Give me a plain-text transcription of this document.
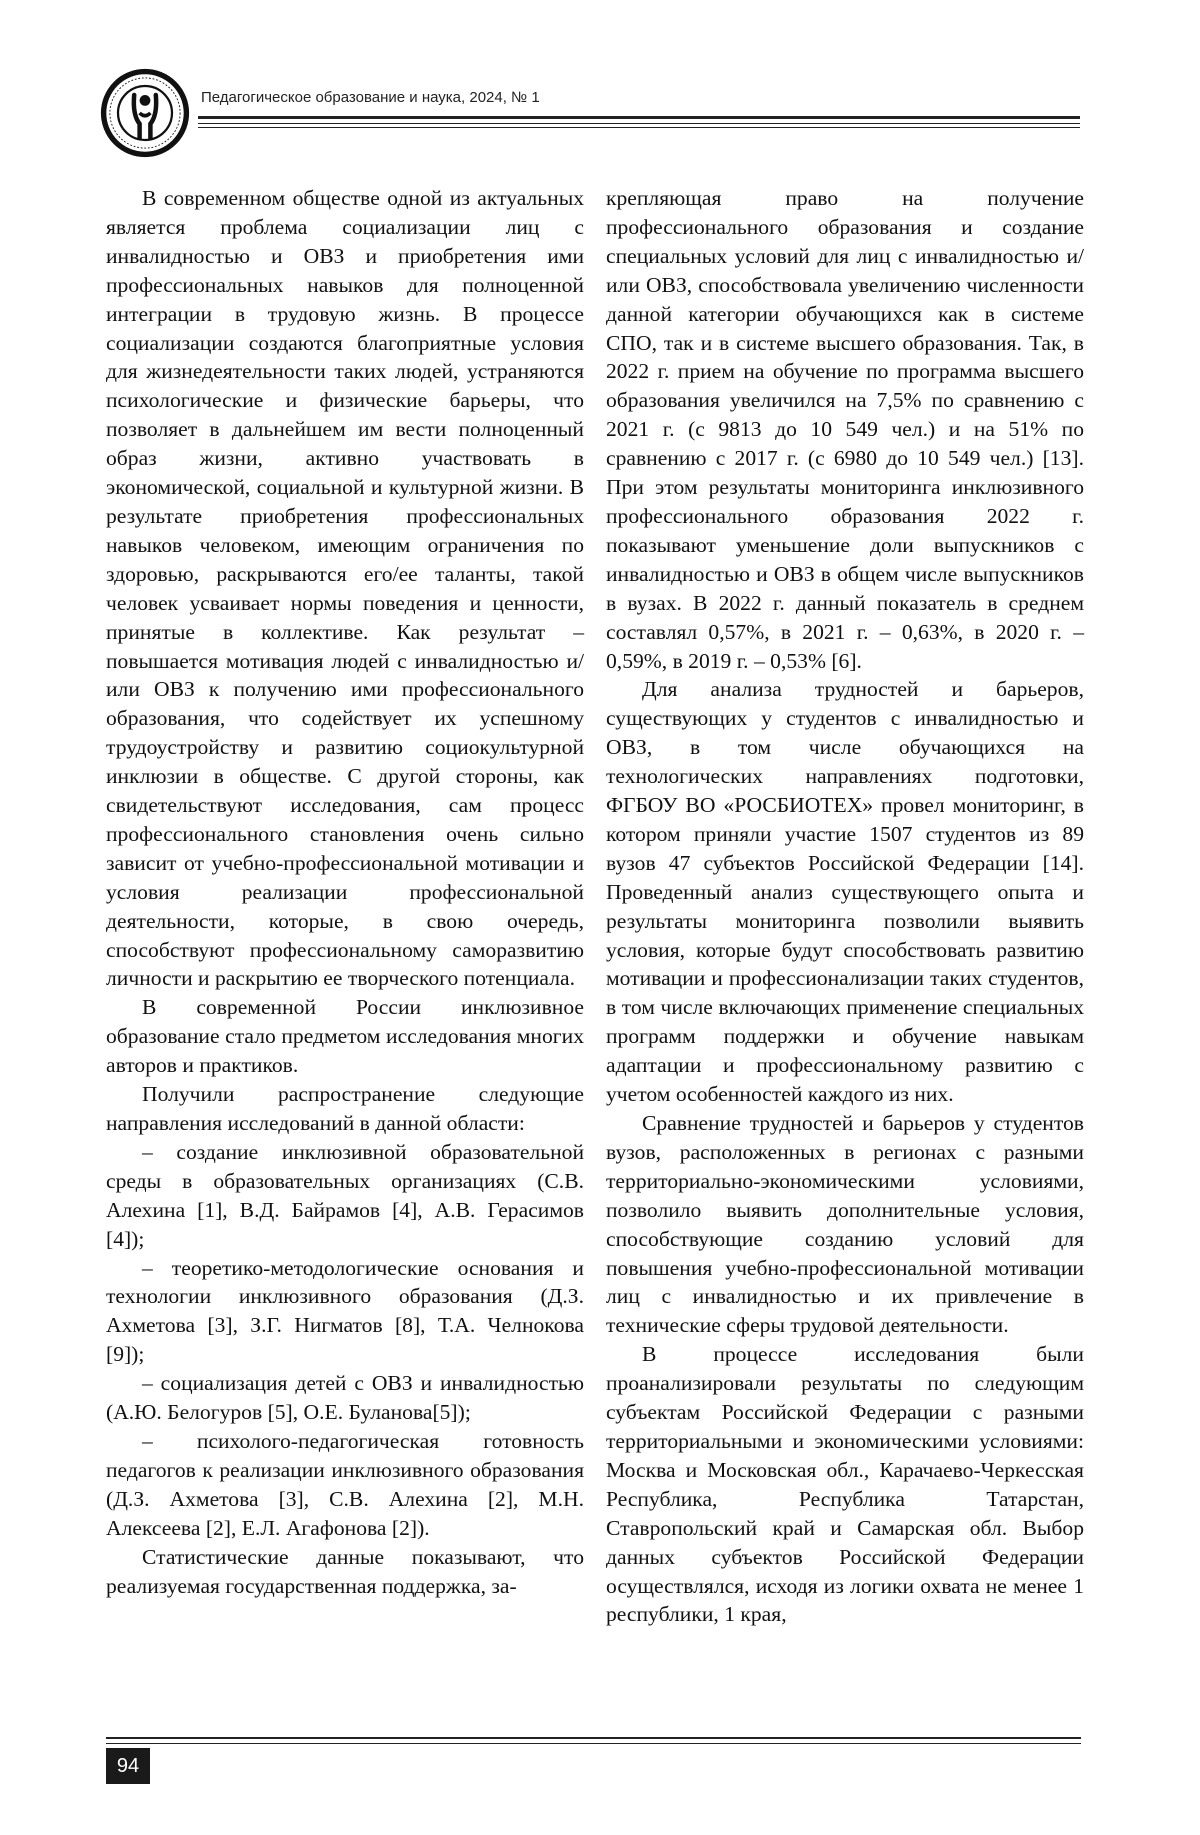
Педагогическое образование и наука, 2024, № 1

В современном обществе одной из актуальных является проблема социализации лиц с инвалидностью и ОВЗ и приобретения ими профессиональных навыков для полноценной интеграции в трудовую жизнь. В процессе социализации создаются благоприятные условия для жизнедеятельности таких людей, устраняются психологические и физические барьеры, что позволяет в дальнейшем им вести полноценный образ жизни, активно участвовать в экономической, социальной и культурной жизни. В результате приобретения профессиональных навыков человеком, имеющим ограничения по здоровью, раскрываются его/ее таланты, такой человек усваивает нормы поведения и ценности, принятые в коллективе. Как результат – повышается мотивация людей с инвалидностью и/или ОВЗ к получению ими профессионального образования, что содействует их успешному трудоустройству и развитию социокультурной инклюзии в обществе. С другой стороны, как свидетельствуют исследования, сам процесс профессионального становления очень сильно зависит от учебно-профессиональной мотивации и условия реализации профессиональной деятельности, которые, в свою очередь, способствуют профессиональному саморазвитию личности и раскрытию ее творческого потенциала.

В современной России инклюзивное образование стало предметом исследования многих авторов и практиков.

Получили распространение следующие направления исследований в данной области:

– создание инклюзивной образовательной среды в образовательных организациях (С.В. Алехина [1], В.Д. Байрамов [4], А.В. Герасимов [4]);

– теоретико-методологические основания и технологии инклюзивного образования (Д.З. Ахметова [3], З.Г. Нигматов [8], Т.А. Челнокова [9]);

– социализация детей с ОВЗ и инвалидностью (А.Ю. Белогуров [5], О.Е. Буланова[5]);

– психолого-педагогическая готовность педагогов к реализации инклюзивного образования (Д.З. Ахметова [3], С.В. Алехина [2], М.Н. Алексеева [2], Е.Л. Агафонова [2]).

Статистические данные показывают, что реализуемая государственная поддержка, за-

крепляющая право на получение профессионального образования и создание специальных условий для лиц с инвалидностью и/или ОВЗ, способствовала увеличению численности данной категории обучающихся как в системе СПО, так и в системе высшего образования. Так, в 2022 г. прием на обучение по программа высшего образования увеличился на 7,5% по сравнению с 2021 г. (с 9813 до 10 549 чел.) и на 51% по сравнению с 2017 г. (с 6980 до 10 549 чел.) [13]. При этом результаты мониторинга инклюзивного профессионального образования 2022 г. показывают уменьшение доли выпускников с инвалидностью и ОВЗ в общем числе выпускников в вузах. В 2022 г. данный показатель в среднем составлял 0,57%, в 2021 г. – 0,63%, в 2020 г. – 0,59%, в 2019 г. – 0,53% [6].

Для анализа трудностей и барьеров, существующих у студентов с инвалидностью и ОВЗ, в том числе обучающихся на технологических направлениях подготовки, ФГБОУ ВО «РОСБИОТЕХ» провел мониторинг, в котором приняли участие 1507 студентов из 89 вузов 47 субъектов Российской Федерации [14]. Проведенный анализ существующего опыта и результаты мониторинга позволили выявить условия, которые будут способствовать развитию мотивации и профессионализации таких студентов, в том числе включающих применение специальных программ поддержки и обучение навыкам адаптации и профессиональному развитию с учетом особенностей каждого из них.

Сравнение трудностей и барьеров у студентов вузов, расположенных в регионах с разными территориально-экономическими условиями, позволило выявить дополнительные условия, способствующие созданию условий для повышения учебно-профессиональной мотивации лиц с инвалидностью и их привлечение в технические сферы трудовой деятельности.

В процессе исследования были проанализировали результаты по следующим субъектам Российской Федерации с разными территориальными и экономическими условиями: Москва и Московская обл., Карачаево-Черкесская Республика, Республика Татарстан, Ставропольский край и Самарская обл. Выбор данных субъектов Российской Федерации осуществлялся, исходя из логики охвата не менее 1 республики, 1 края,

94
